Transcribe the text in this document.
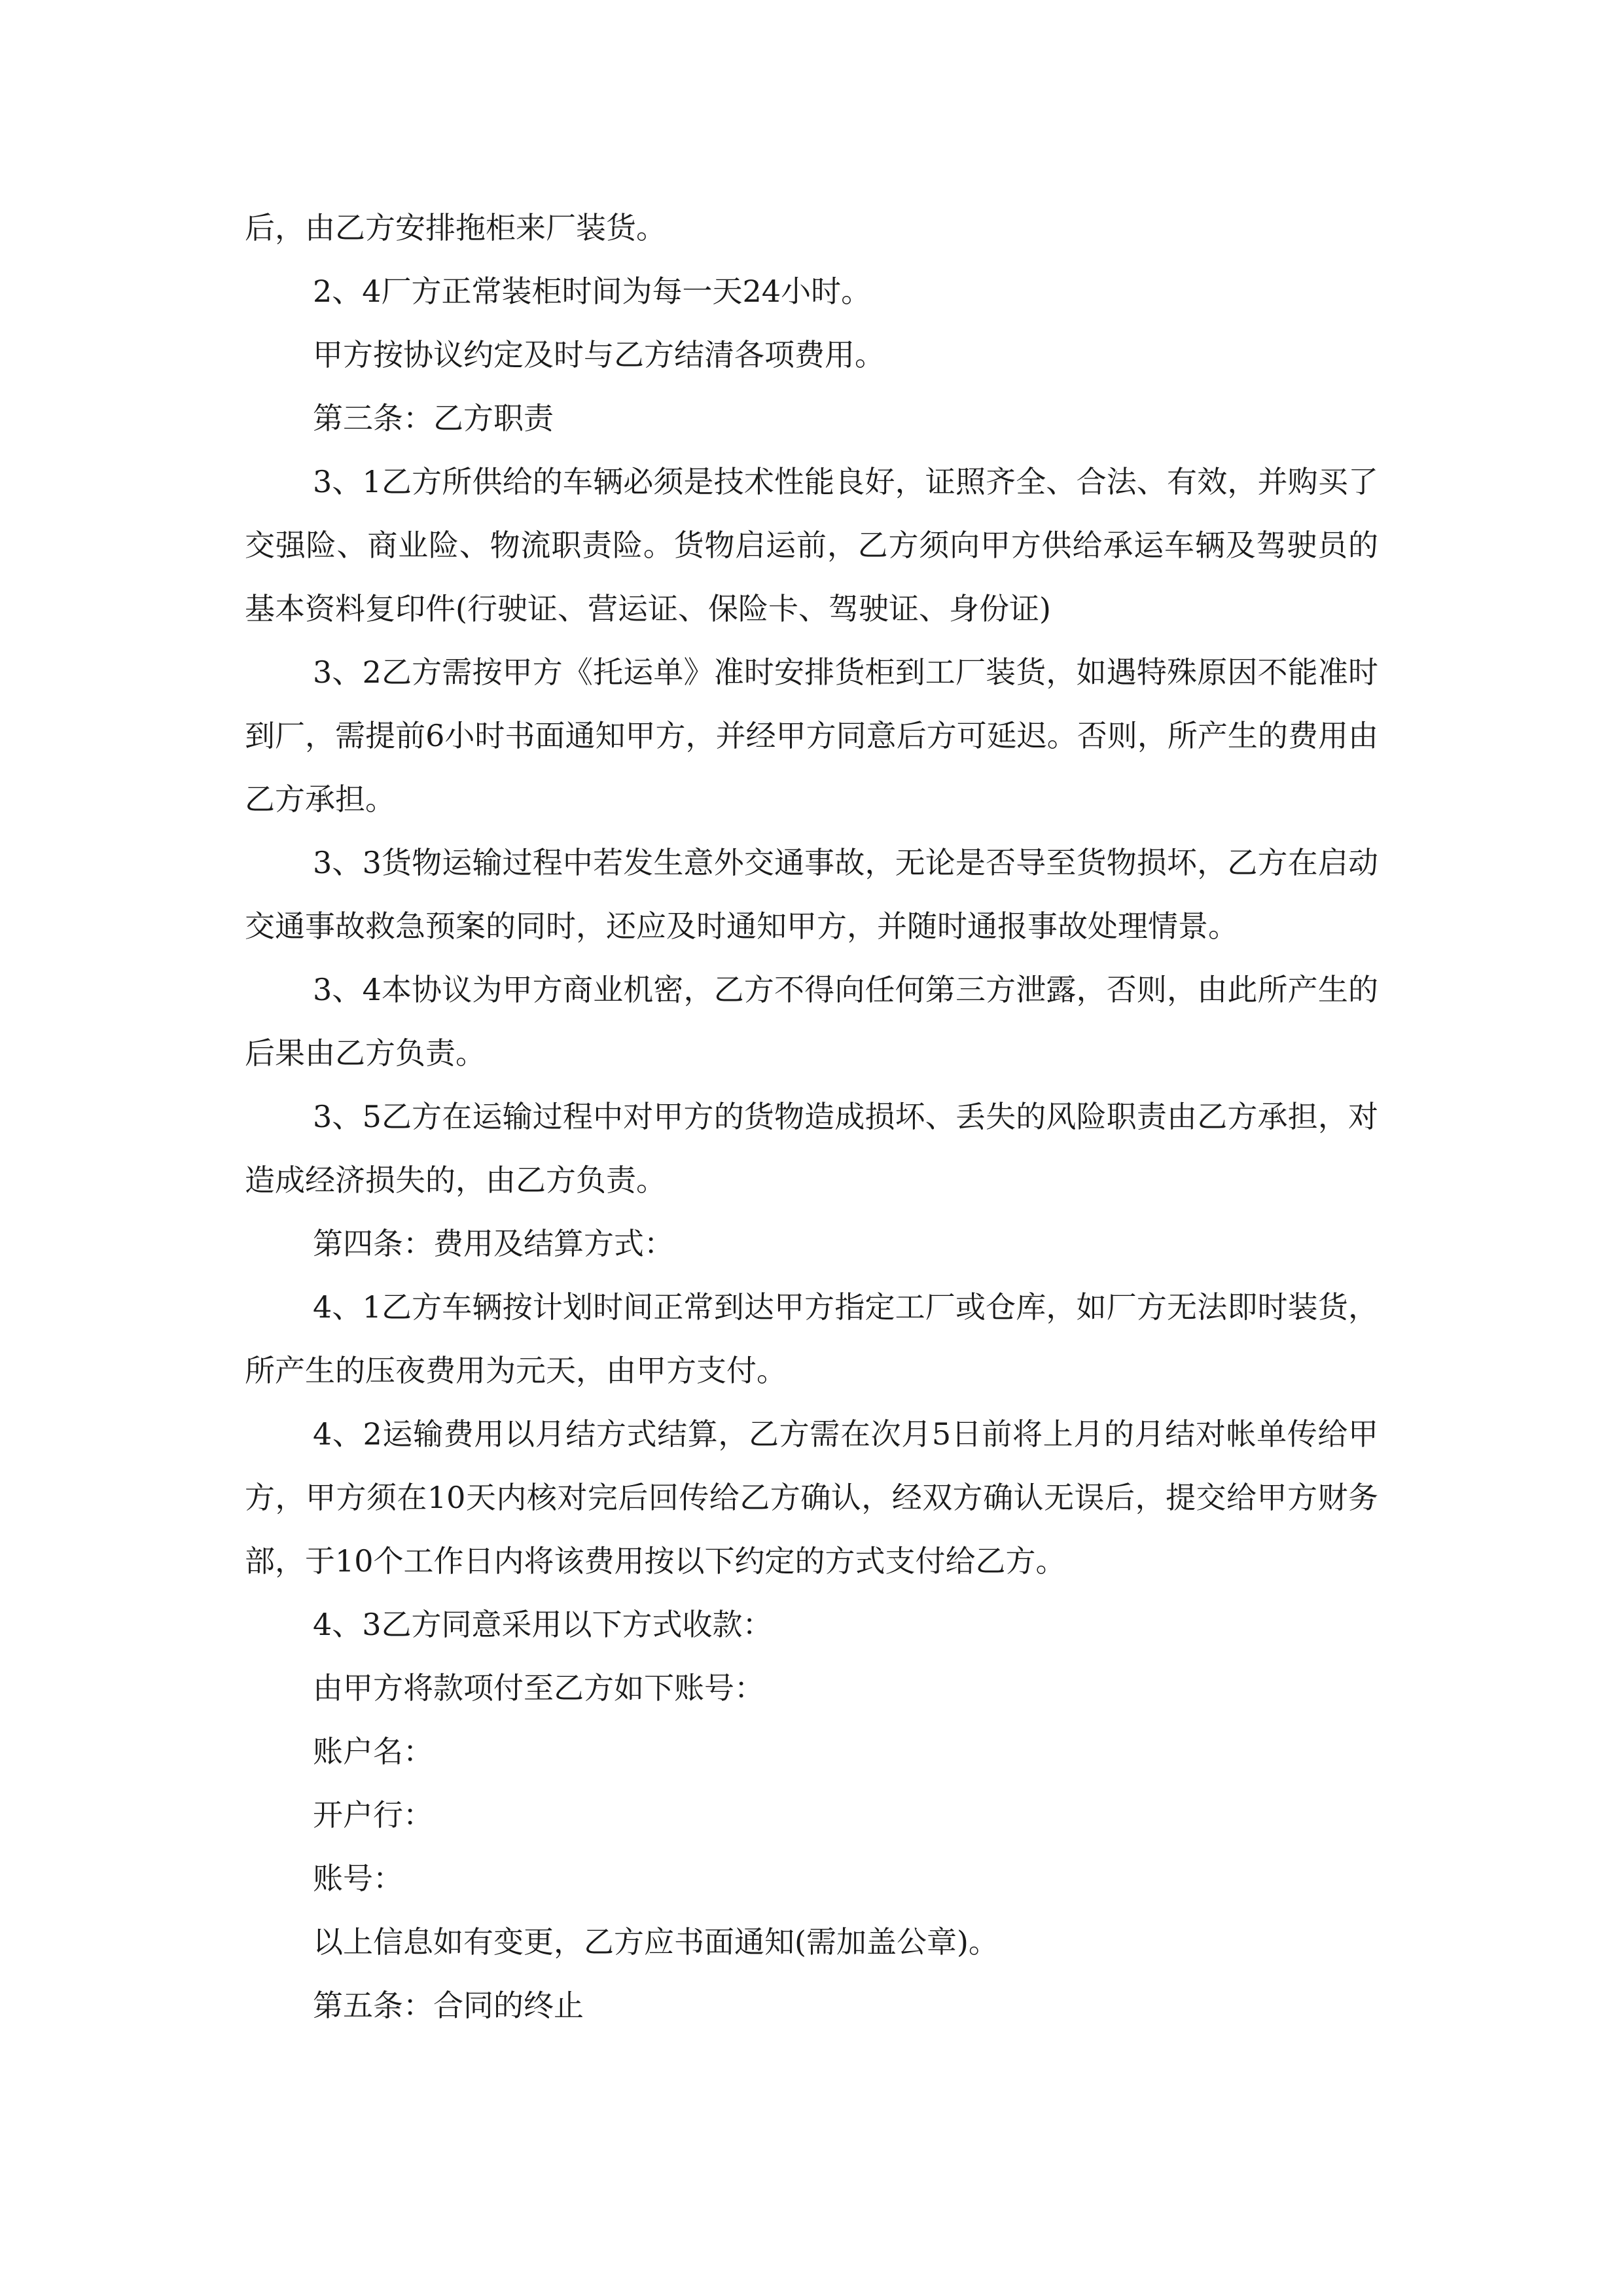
后，由乙方安排拖柜来厂装货。

2、4厂方正常装柜时间为每一天24小时。

甲方按协议约定及时与乙方结清各项费用。

第三条：乙方职责

3、1乙方所供给的车辆必须是技术性能良好，证照齐全、合法、有效，并购买了交强险、商业险、物流职责险。货物启运前，乙方须向甲方供给承运车辆及驾驶员的基本资料复印件(行驶证、营运证、保险卡、驾驶证、身份证)

3、2乙方需按甲方《托运单》准时安排货柜到工厂装货，如遇特殊原因不能准时到厂，需提前6小时书面通知甲方，并经甲方同意后方可延迟。否则，所产生的费用由乙方承担。

3、3货物运输过程中若发生意外交通事故，无论是否导至货物损坏，乙方在启动交通事故救急预案的同时，还应及时通知甲方，并随时通报事故处理情景。

3、4本协议为甲方商业机密，乙方不得向任何第三方泄露，否则，由此所产生的后果由乙方负责。

3、5乙方在运输过程中对甲方的货物造成损坏、丢失的风险职责由乙方承担，对造成经济损失的，由乙方负责。

第四条：费用及结算方式：

4、1乙方车辆按计划时间正常到达甲方指定工厂或仓库，如厂方无法即时装货，所产生的压夜费用为元天，由甲方支付。

4、2运输费用以月结方式结算，乙方需在次月5日前将上月的月结对帐单传给甲方，甲方须在10天内核对完后回传给乙方确认，经双方确认无误后，提交给甲方财务部，于10个工作日内将该费用按以下约定的方式支付给乙方。

4、3乙方同意采用以下方式收款：

由甲方将款项付至乙方如下账号：

账户名：

开户行：

账号：

以上信息如有变更，乙方应书面通知(需加盖公章)。

第五条：合同的终止
